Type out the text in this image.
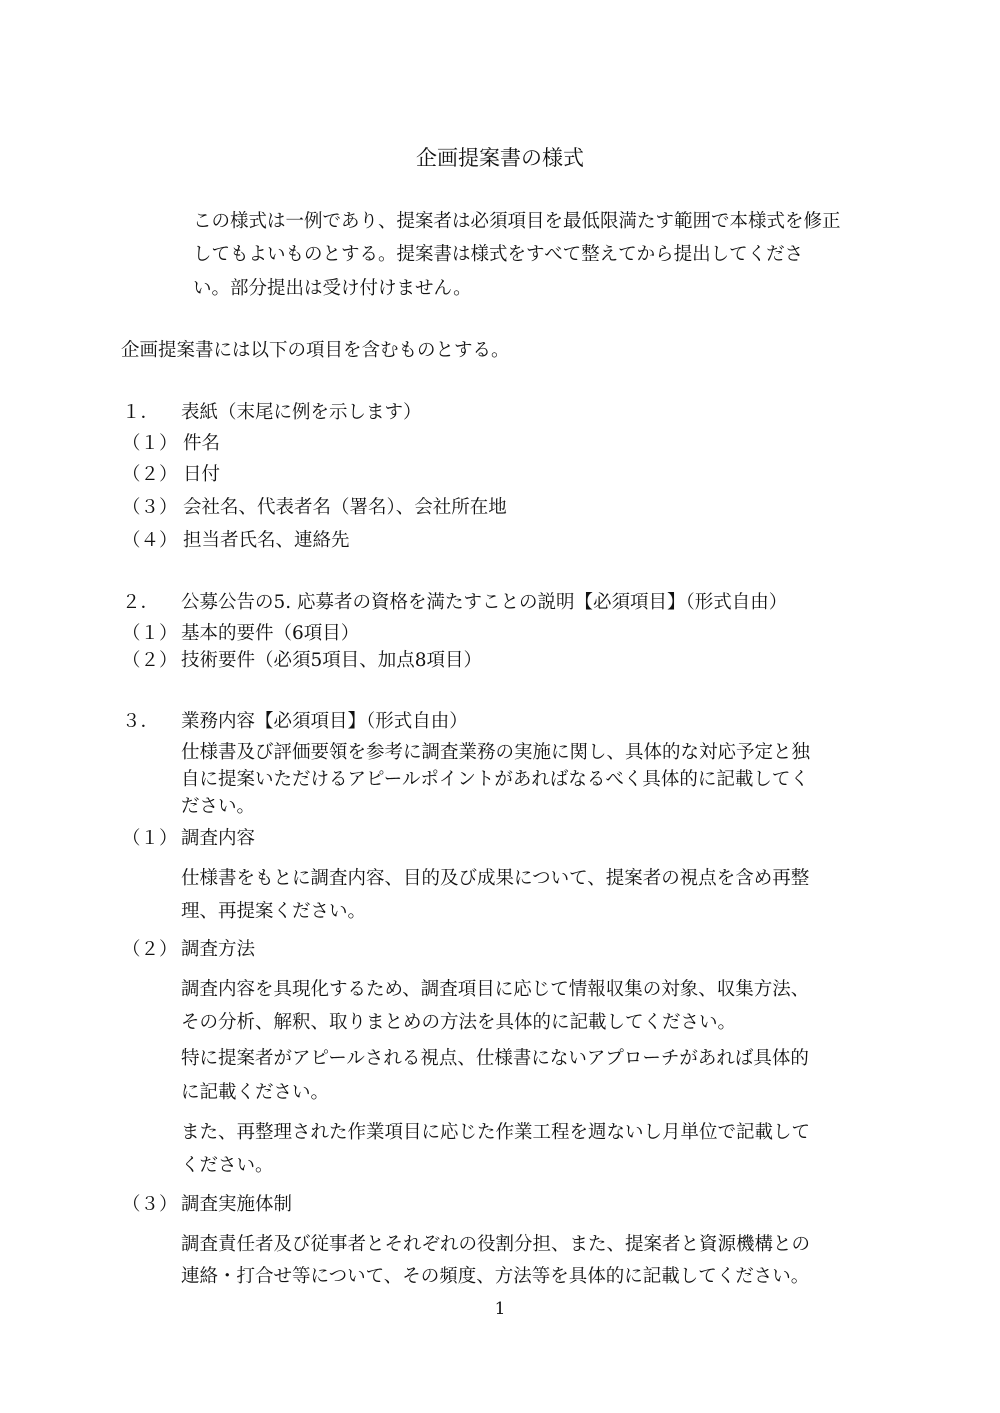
企画提案書の様式
この様式は一例であり、提案者は必須項目を最低限満たす範囲で本様式を修正
してもよいものとする。提案書は様式をすべて整えてから提出してくださ
い。部分提出は受け付けません。
企画提案書には以下の項目を含むものとする。
１． 表紙（末尾に例を示します）
（１） 件名
（２） 日付
（３） 会社名、代表者名（署名）、会社所在地
（４） 担当者氏名、連絡先
２． 公募公告の5. 応募者の資格を満たすことの説明【必須項目】（形式自由）
（１） 基本的要件（6項目）
（２） 技術要件（必須5項目、加点8項目）
３． 業務内容【必須項目】（形式自由）
仕様書及び評価要領を参考に調査業務の実施に関し、具体的な対応予定と独
自に提案いただけるアピールポイントがあればなるべく具体的に記載してく
ださい。
（１） 調査内容
仕様書をもとに調査内容、目的及び成果について、提案者の視点を含め再整
理、再提案ください。
（２） 調査方法
調査内容を具現化するため、調査項目に応じて情報収集の対象、収集方法、
その分析、解釈、取りまとめの方法を具体的に記載してください。
特に提案者がアピールされる視点、仕様書にないアプローチがあれば具体的
に記載ください。
また、再整理された作業項目に応じた作業工程を週ないし月単位で記載して
ください。
（３） 調査実施体制
調査責任者及び従事者とそれぞれの役割分担、また、提案者と資源機構との
連絡・打合せ等について、その頻度、方法等を具体的に記載してください。
1
